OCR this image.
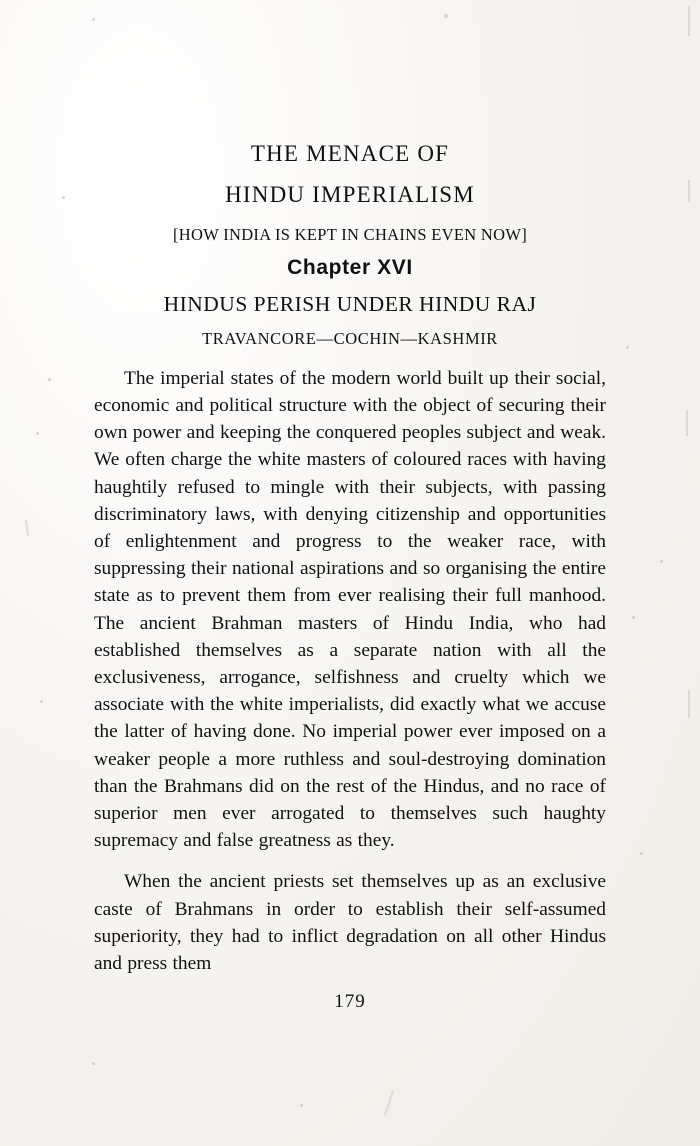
THE MENACE OF
HINDU IMPERIALISM
[HOW INDIA IS KEPT IN CHAINS EVEN NOW]
Chapter XVI
HINDUS PERISH UNDER HINDU RAJ
TRAVANCORE—COCHIN—KASHMIR

The imperial states of the modern world built up their social, economic and political structure with the object of securing their own power and keeping the conquered peoples subject and weak. We often charge the white masters of coloured races with having haughtily refused to mingle with their subjects, with passing discriminatory laws, with denying citizenship and opportunities of enlightenment and progress to the weaker race, with suppressing their national aspirations and so organising the entire state as to prevent them from ever realising their full manhood. The ancient Brahman masters of Hindu India, who had established themselves as a separate nation with all the exclusiveness, arrogance, selfishness and cruelty which we associate with the white imperialists, did exactly what we accuse the latter of having done. No imperial power ever imposed on a weaker people a more ruthless and soul-destroying domination than the Brahmans did on the rest of the Hindus, and no race of superior men ever arrogated to themselves such haughty supremacy and false greatness as they.

When the ancient priests set themselves up as an exclusive caste of Brahmans in order to establish their self-assumed superiority, they had to inflict degradation on all other Hindus and press them

179
